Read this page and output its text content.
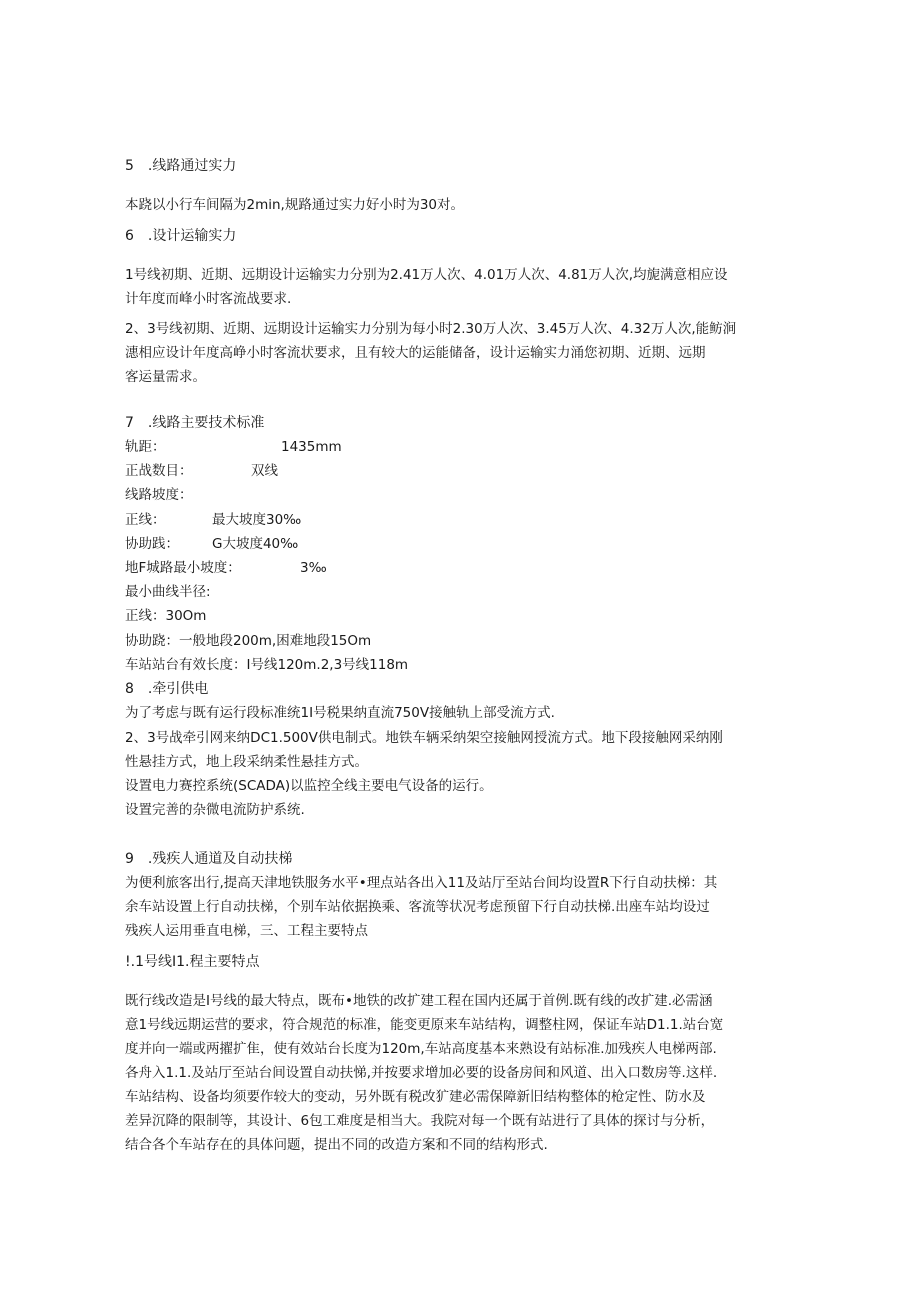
5　.线路通过实力
本跷以小行车间隔为2min,规路通过实力好小时为30对。
6　.设计运输实力
1号线初期、近期、远期设计运输实力分别为2.41万人次、4.01万人次、4.81万人次,均旎满意相应设
计年度而峰小时客流战要求.
2、3号线初期、近期、远期设计运输实力分别为每小时2.30万人次、3.45万人次、4.32万人次,能鲂涧
潓相应设计年度高峥小时客流状要求，且有较大的运能储备，设计运输实力涌您初期、近期、远期
客运量需求。
7　.线路主要技术标准
轨距：	1435mm
正战数目：	双线
线路坡度：
正线：	最大坡度30‰
协助践： G大坡度40‰
地F城路最小坡度：	3‰
最小曲线半径:
正线：30Om
协助跷：一般地段200m,困难地段15Om
车站站台有效长度：I号线120m.2,3号线118m
8　.牵引供电
为了考虑与既有运行段标准统1I号税果纳直流750V接触轨上部受流方式.
2、3号战牵引网来纳DC1.500V供电制式。地铁车辆采纳架空接触网授流方式。地下段接触网采纳刚
性悬挂方式，地上段采纳柔性悬挂方式。
设置电力赛控系统(SCADA)以监控全线主要电气设备的运行。
设置完善的杂微电流防护系统.
9　.残疾人通道及自动扶梯
为便利旅客出行,提高天津地铁服务水平•理点站各出入11及站厅至站台间均设置R下行自动扶梯：其
余车站设置上行自动扶梯，个别车站依据换乘、客流等状况考虑预留下行自动扶梯.出座车站均设过
残疾人运用垂直电梯，三、工程主要特点
!.1号线I1.程主要特点
既行线改造是I号线的最大特点，既布•地铁的改扩建工程在国内还属于首例.既有线的改扩建.必需涵
意1号线远期运营的要求，符合规范的标准，能变更原来车站结构，调整柱网，保证车站D1.1.站台宽
度并向一端或两擢扩隹，使有效站台长度为120m,车站高度基本来熟设有站标准.加残疾人电梯两部.
各舟入1.1.及站厅至站台间设置自动扶悌,并按要求增加必要的设备房间和风道、出入口数房等.这样.
车站结构、设备均须要作较大的变动，另外既有税改犷建必需保障新旧结构整体的枪定性、防水及
差异沉降的限制等，其设计、6包工难度是相当大。我院对每一个既有站进行了具体的探讨与分析，
结合各个车站存在的具体问题，提出不同的改造方案和不同的结构形式.
